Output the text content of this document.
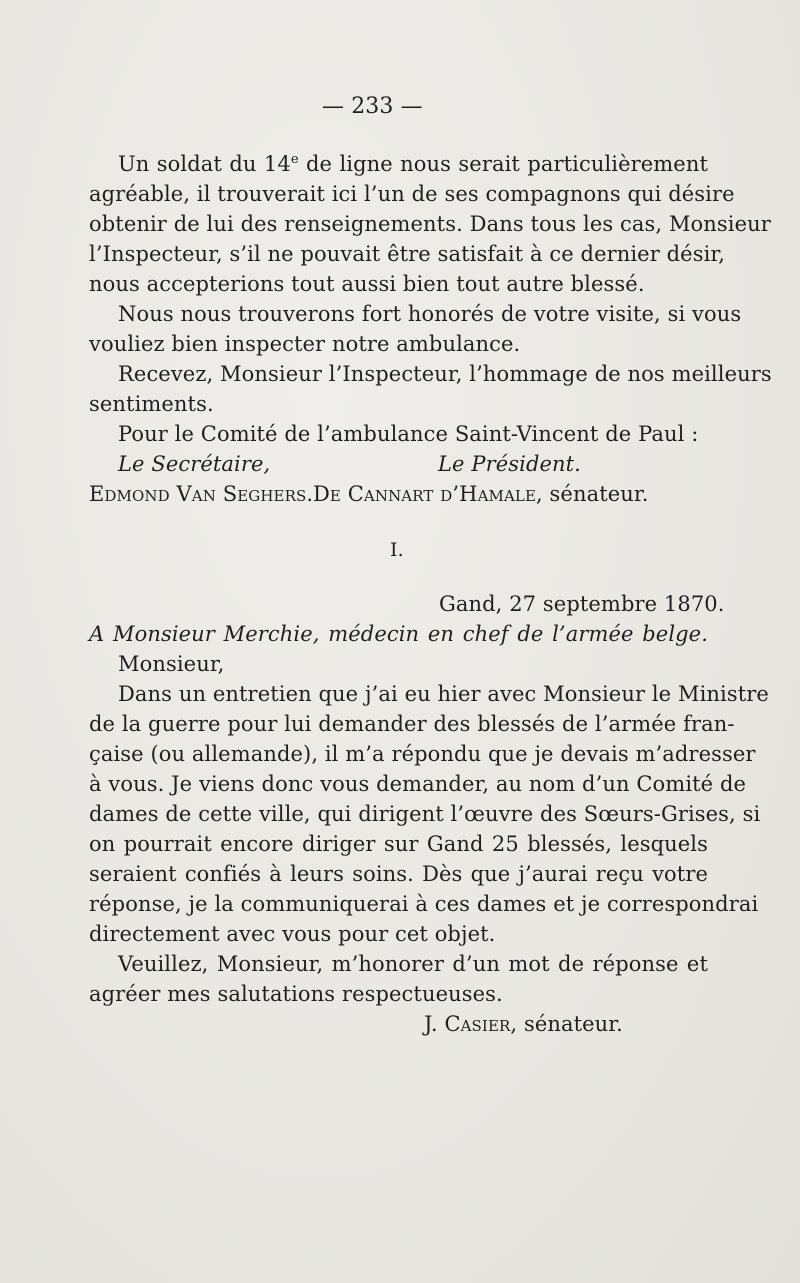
— 233 —
Un soldat du 14e de ligne nous serait particulièrement
agréable, il trouverait ici l’un de ses compagnons qui désire
obtenir de lui des renseignements. Dans tous les cas, Monsieur
l’Inspecteur, s’il ne pouvait être satisfait à ce dernier désir,
nous accepterions tout aussi bien tout autre blessé.
Nous nous trouverons fort honorés de votre visite, si vous
vouliez bien inspecter notre ambulance.
Recevez, Monsieur l’Inspecteur, l’hommage de nos meilleurs
sentiments.
Pour le Comité de l’ambulance Saint-Vincent de Paul :
Le Secrétaire,	Le Président.
Edmond Van Seghers. De Cannart d’Hamale, sénateur.
I.
Gand, 27 septembre 1870.
A Monsieur Merchie, médecin en chef de l’armée belge.
Monsieur,
Dans un entretien que j’ai eu hier avec Monsieur le Ministre
de la guerre pour lui demander des blessés de l’armée fran-
çaise (ou allemande), il m’a répondu que je devais m’adresser
à vous. Je viens donc vous demander, au nom d’un Comité de
dames de cette ville, qui dirigent l’œuvre des Sœurs-Grises, si
on pourrait encore diriger sur Gand 25 blessés, lesquels
seraient confiés à leurs soins. Dès que j’aurai reçu votre
réponse, je la communiquerai à ces dames et je correspondrai
directement avec vous pour cet objet.
Veuillez, Monsieur, m’honorer d’un mot de réponse et
agréer mes salutations respectueuses.
J. Casier, sénateur.
